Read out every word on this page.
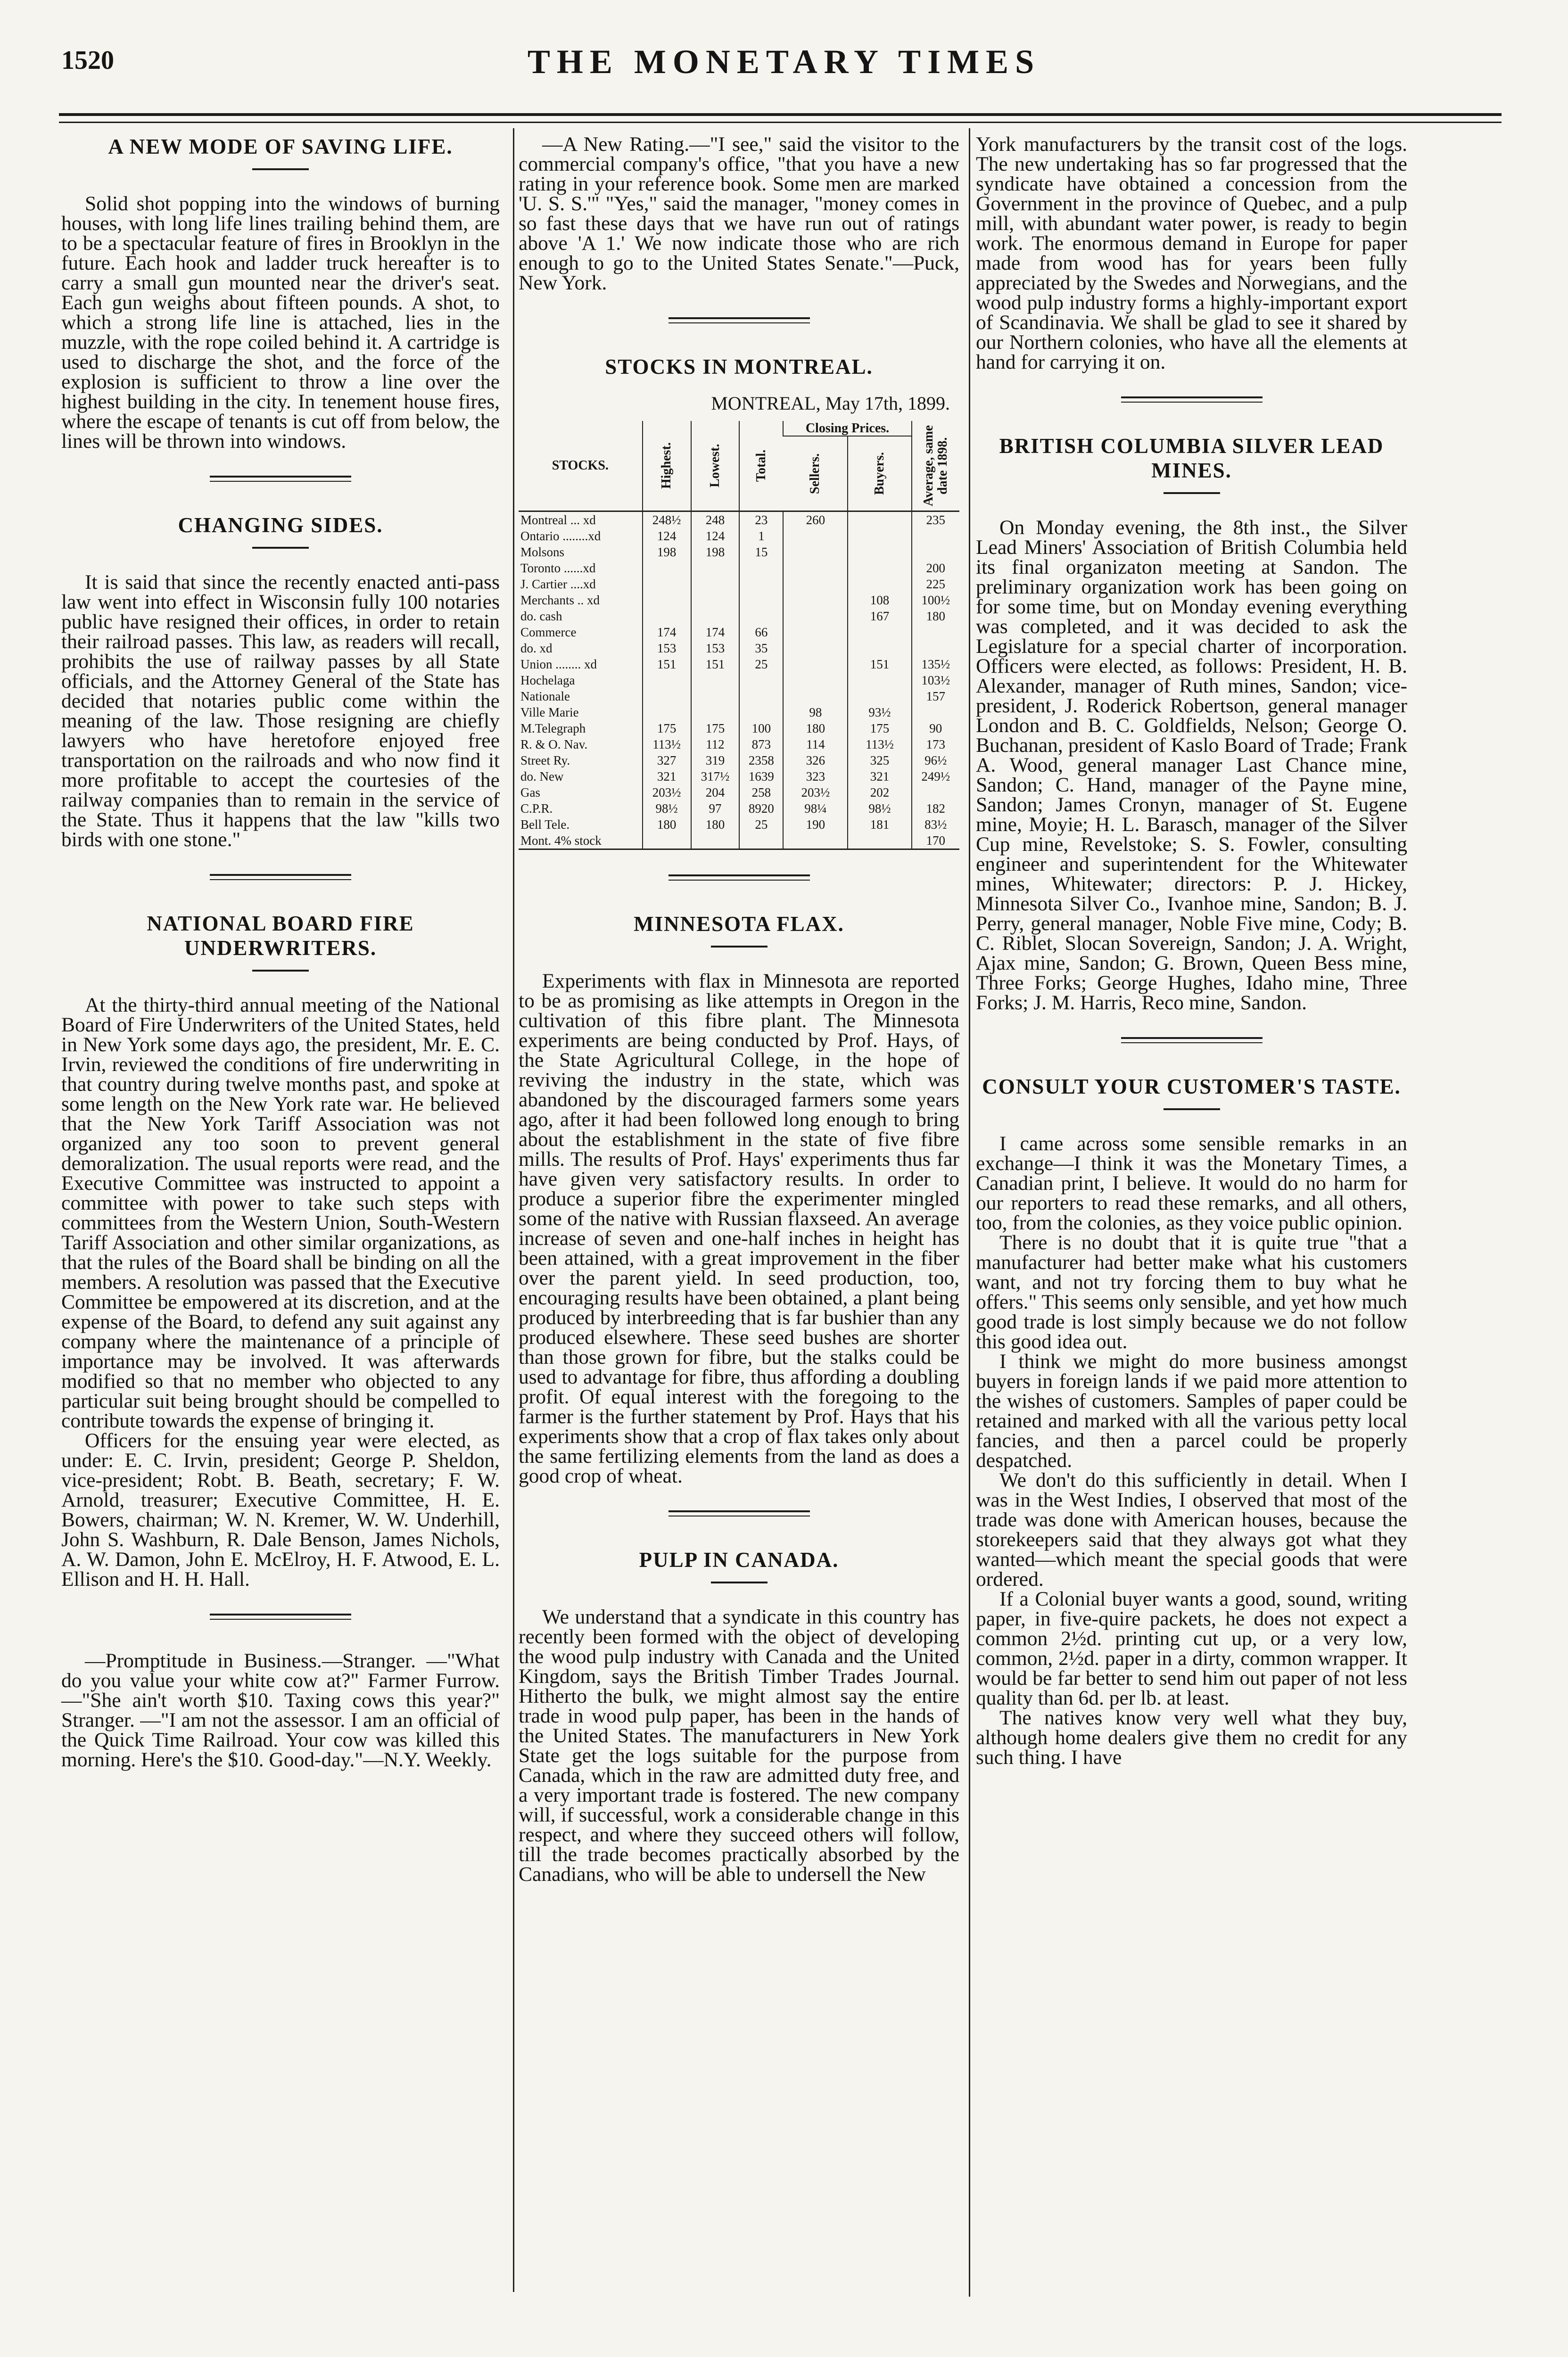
1520	THE MONETARY TIMES
A NEW MODE OF SAVING LIFE.

Solid shot popping into the windows of burning houses, with long life lines trailing behind them, are to be a spectacular feature of fires in Brooklyn in the future. Each hook and ladder truck hereafter is to carry a small gun mounted near the driver's seat. Each gun weighs about fifteen pounds. A shot, to which a strong life line is attached, lies in the muzzle, with the rope coiled behind it. A cartridge is used to discharge the shot, and the force of the explosion is sufficient to throw a line over the highest building in the city. In tenement house fires, where the escape of tenants is cut off from below, the lines will be thrown into windows.

CHANGING SIDES.

It is said that since the recently enacted anti-pass law went into effect in Wisconsin fully 100 notaries public have resigned their offices, in order to retain their railroad passes. This law, as readers will recall, prohibits the use of railway passes by all State officials, and the Attorney General of the State has decided that notaries public come within the meaning of the law. Those resigning are chiefly lawyers who have heretofore enjoyed free transportation on the railroads and who now find it more profitable to accept the courtesies of the railway companies than to remain in the service of the State. Thus it happens that the law "kills two birds with one stone."

NATIONAL BOARD FIRE UNDERWRITERS.

At the thirty-third annual meeting of the National Board of Fire Underwriters of the United States, held in New York some days ago, the president, Mr. E. C. Irvin, reviewed the conditions of fire underwriting in that country during twelve months past, and spoke at some length on the New York rate war. He believed that the New York Tariff Association was not organized any too soon to prevent general demoralization. The usual reports were read, and the Executive Committee was instructed to appoint a committee with power to take such steps with committees from the Western Union, South-Western Tariff Association and other similar organizations, as that the rules of the Board shall be binding on all the members. A resolution was passed that the Executive Committee be empowered at its discretion, and at the expense of the Board, to defend any suit against any company where the maintenance of a principle of importance may be involved. It was afterwards modified so that no member who objected to any particular suit being brought should be compelled to contribute towards the expense of bringing it.

Officers for the ensuing year were elected, as under: E. C. Irvin, president; George P. Sheldon, vice-president; Robt. B. Beath, secretary; F. W. Arnold, treasurer; Executive Committee, H. E. Bowers, chairman; W. N. Kremer, W. W. Underhill, John S. Washburn, R. Dale Benson, James Nichols, A. W. Damon, John E. McElroy, H. F. Atwood, E. L. Ellison and H. H. Hall.

—Promptitude in Business.—Stranger. —"What do you value your white cow at?" Farmer Furrow.—"She ain't worth $10. Taxing cows this year?" Stranger. —"I am not the assessor. I am an official of the Quick Time Railroad. Your cow was killed this morning. Here's the $10. Good-day."—N.Y. Weekly.

—A New Rating.—"I see," said the visitor to the commercial company's office, "that you have a new rating in your reference book. Some men are marked 'U. S. S.'" "Yes," said the manager, "money comes in so fast these days that we have run out of ratings above 'A 1.' We now indicate those who are rich enough to go to the United States Senate."—Puck, New York.

STOCKS IN MONTREAL.
MONTREAL, May 17th, 1899.
STOCKS.	Highest.	Lowest.	Total.	Closing Prices.		Average, same date 1898.

				Sellers.	Buyers.	

Montreal ... xd	248½	248	23	260		235
Ontario ........xd	124	124	1			
Molsons	198	198	15			
Toronto ......xd						200
J. Cartier ....xd						225
Merchants .. xd					108	100½
do. cash					167	180
Commerce	174	174	66			
do. xd	153	153	35			
Union ........ xd	151	151	25		151	135½
Hochelaga						103½
Nationale						157
Ville Marie				98	93½	
M.Telegraph	175	175	100	180	175	90
R. & O. Nav.	113½	112	873	114	113½	173
Street Ry.	327	319	2358	326	325	96½
do. New	321	317½	1639	323	321	249½
Gas	203½	204	258	203½	202	
C.P.R.	98½	97	8920	98¼	98½	182
Bell Tele.	180	180	25	190	181	83½
Mont. 4% stock						170
MINNESOTA FLAX.

Experiments with flax in Minnesota are reported to be as promising as like attempts in Oregon in the cultivation of this fibre plant. The Minnesota experiments are being conducted by Prof. Hays, of the State Agricultural College, in the hope of reviving the industry in the state, which was abandoned by the discouraged farmers some years ago, after it had been followed long enough to bring about the establishment in the state of five fibre mills. The results of Prof. Hays' experiments thus far have given very satisfactory results. In order to produce a superior fibre the experimenter mingled some of the native with Russian flaxseed. An average increase of seven and one-half inches in height has been attained, with a great improvement in the fiber over the parent yield. In seed production, too, encouraging results have been obtained, a plant being produced by interbreeding that is far bushier than any produced elsewhere. These seed bushes are shorter than those grown for fibre, but the stalks could be used to advantage for fibre, thus affording a doubling profit. Of equal interest with the foregoing to the farmer is the further statement by Prof. Hays that his experiments show that a crop of flax takes only about the same fertilizing elements from the land as does a good crop of wheat.

PULP IN CANADA.

We understand that a syndicate in this country has recently been formed with the object of developing the wood pulp industry with Canada and the United Kingdom, says the British Timber Trades Journal. Hitherto the bulk, we might almost say the entire trade in wood pulp paper, has been in the hands of the United States. The manufacturers in New York State get the logs suitable for the purpose from Canada, which in the raw are admitted duty free, and a very important trade is fostered. The new company will, if successful, work a considerable change in this respect, and where they succeed others will follow, till the trade becomes practically absorbed by the Canadians, who will be able to undersell the New

York manufacturers by the transit cost of the logs. The new undertaking has so far progressed that the syndicate have obtained a concession from the Government in the province of Quebec, and a pulp mill, with abundant water power, is ready to begin work. The enormous demand in Europe for paper made from wood has for years been fully appreciated by the Swedes and Norwegians, and the wood pulp industry forms a highly-important export of Scandinavia. We shall be glad to see it shared by our Northern colonies, who have all the elements at hand for carrying it on.

BRITISH COLUMBIA SILVER LEAD MINES.

On Monday evening, the 8th inst., the Silver Lead Miners' Association of British Columbia held its final organizaton meeting at Sandon. The preliminary organization work has been going on for some time, but on Monday evening everything was completed, and it was decided to ask the Legislature for a special charter of incorporation. Officers were elected, as follows: President, H. B. Alexander, manager of Ruth mines, Sandon; vice-president, J. Roderick Robertson, general manager London and B. C. Goldfields, Nelson; George O. Buchanan, president of Kaslo Board of Trade; Frank A. Wood, general manager Last Chance mine, Sandon; C. Hand, manager of the Payne mine, Sandon; James Cronyn, manager of St. Eugene mine, Moyie; H. L. Barasch, manager of the Silver Cup mine, Revelstoke; S. S. Fowler, consulting engineer and superintendent for the Whitewater mines, Whitewater; directors: P. J. Hickey, Minnesota Silver Co., Ivanhoe mine, Sandon; B. J. Perry, general manager, Noble Five mine, Cody; B. C. Riblet, Slocan Sovereign, Sandon; J. A. Wright, Ajax mine, Sandon; G. Brown, Queen Bess mine, Three Forks; George Hughes, Idaho mine, Three Forks; J. M. Harris, Reco mine, Sandon.

CONSULT YOUR CUSTOMER'S TASTE.

I came across some sensible remarks in an exchange—I think it was the Monetary Times, a Canadian print, I believe. It would do no harm for our reporters to read these remarks, and all others, too, from the colonies, as they voice public opinion.

There is no doubt that it is quite true "that a manufacturer had better make what his customers want, and not try forcing them to buy what he offers." This seems only sensible, and yet how much good trade is lost simply because we do not follow this good idea out.

I think we might do more business amongst buyers in foreign lands if we paid more attention to the wishes of customers. Samples of paper could be retained and marked with all the various petty local fancies, and then a parcel could be properly despatched.

We don't do this sufficiently in detail. When I was in the West Indies, I observed that most of the trade was done with American houses, because the storekeepers said that they always got what they wanted—which meant the special goods that were ordered.

If a Colonial buyer wants a good, sound, writing paper, in five-quire packets, he does not expect a common 2½d. printing cut up, or a very low, common, 2½d. paper in a dirty, common wrapper. It would be far better to send him out paper of not less quality than 6d. per lb. at least.

The natives know very well what they buy, although home dealers give them no credit for any such thing. I have
